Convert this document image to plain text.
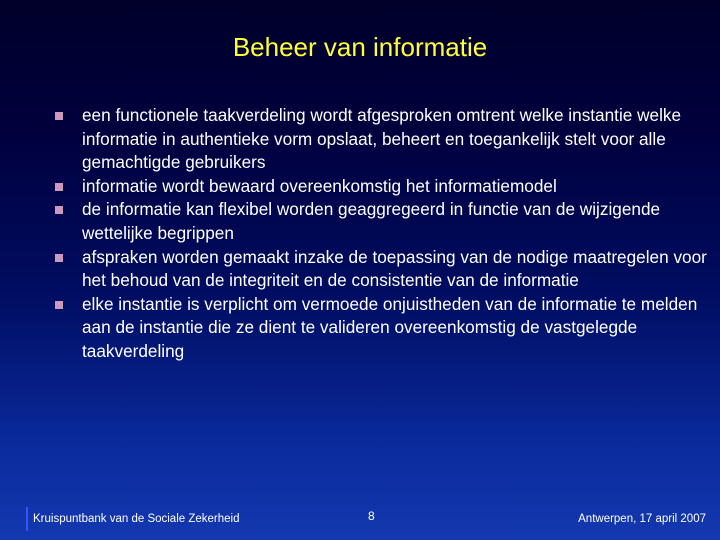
Beheer van informatie
een functionele taakverdeling wordt afgesproken omtrent welke instantie welke informatie in authentieke vorm opslaat, beheert en toegankelijk stelt voor alle gemachtigde gebruikers
informatie wordt bewaard overeenkomstig het informatiemodel
de informatie kan flexibel worden geaggregeerd in functie van de wijzigende wettelijke begrippen
afspraken worden gemaakt inzake de toepassing van de nodige maatregelen voor het behoud van de integriteit en de consistentie van de informatie
elke instantie is verplicht om vermoede onjuistheden van de informatie te melden aan de instantie die ze dient te valideren overeenkomstig de vastgelegde taakverdeling
Kruispuntbank van de Sociale Zekerheid	8	Antwerpen, 17 april 2007
